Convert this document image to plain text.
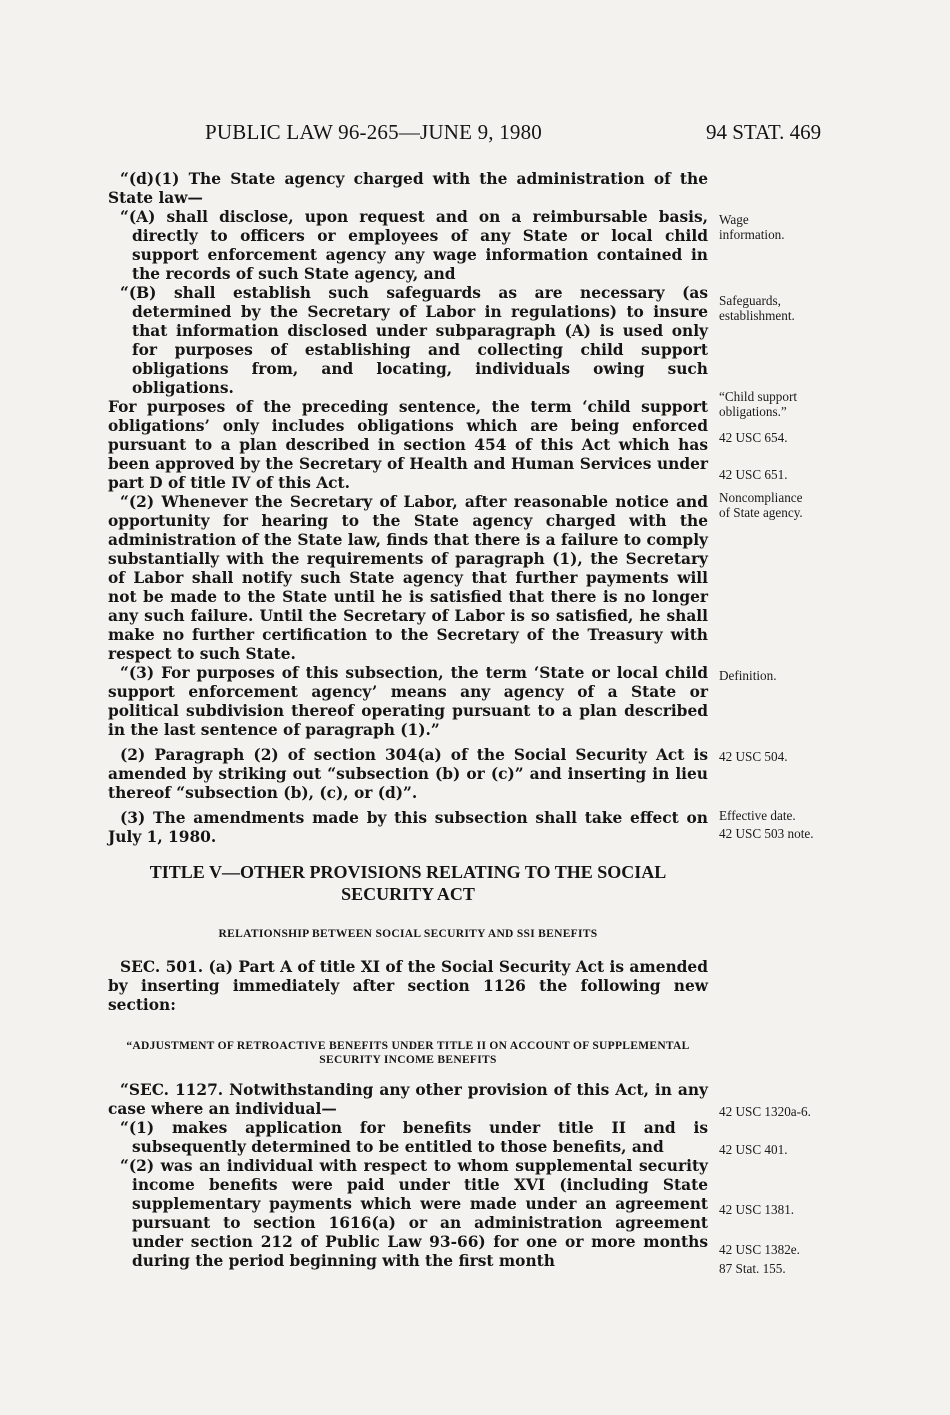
PUBLIC LAW 96-265—JUNE 9, 1980	94 STAT. 469

“(d)(1) The State agency charged with the administration of the State law—

“(A) shall disclose, upon request and on a reimbursable basis, directly to officers or employees of any State or local child support enforcement agency any wage information contained in the records of such State agency, and

“(B) shall establish such safeguards as are necessary (as determined by the Secretary of Labor in regulations) to insure that information disclosed under subparagraph (A) is used only for purposes of establishing and collecting child support obligations from, and locating, individuals owing such obligations.

For purposes of the preceding sentence, the term ‘child support obligations’ only includes obligations which are being enforced pursuant to a plan described in section 454 of this Act which has been approved by the Secretary of Health and Human Services under part D of title IV of this Act.

“(2) Whenever the Secretary of Labor, after reasonable notice and opportunity for hearing to the State agency charged with the administration of the State law, finds that there is a failure to comply substantially with the requirements of paragraph (1), the Secretary of Labor shall notify such State agency that further payments will not be made to the State until he is satisfied that there is no longer any such failure. Until the Secretary of Labor is so satisfied, he shall make no further certification to the Secretary of the Treasury with respect to such State.

“(3) For purposes of this subsection, the term ‘State or local child support enforcement agency’ means any agency of a State or political subdivision thereof operating pursuant to a plan described in the last sentence of paragraph (1).”

(2) Paragraph (2) of section 304(a) of the Social Security Act is amended by striking out “subsection (b) or (c)” and inserting in lieu thereof “subsection (b), (c), or (d)”.

(3) The amendments made by this subsection shall take effect on July 1, 1980.

TITLE V—OTHER PROVISIONS RELATING TO THE SOCIAL SECURITY ACT

RELATIONSHIP BETWEEN SOCIAL SECURITY AND SSI BENEFITS

SEC. 501. (a) Part A of title XI of the Social Security Act is amended by inserting immediately after section 1126 the following new section:

“ADJUSTMENT OF RETROACTIVE BENEFITS UNDER TITLE II ON ACCOUNT OF SUPPLEMENTAL SECURITY INCOME BENEFITS

“SEC. 1127. Notwithstanding any other provision of this Act, in any case where an individual—

“(1) makes application for benefits under title II and is subsequently determined to be entitled to those benefits, and

“(2) was an individual with respect to whom supplemental security income benefits were paid under title XVI (including State supplementary payments which were made under an agreement pursuant to section 1616(a) or an administration agreement under section 212 of Public Law 93-66) for one or more months during the period beginning with the first month

Wage
information.
Safeguards,
establishment.
“Child support
obligations.”
42 USC 654.
42 USC 651.
Noncompliance
of State agency.
Definition.
42 USC 504.
Effective date.
42 USC 503 note.
42 USC 1320a-6.
42 USC 401.
42 USC 1381.
42 USC 1382e.
87 Stat. 155.
